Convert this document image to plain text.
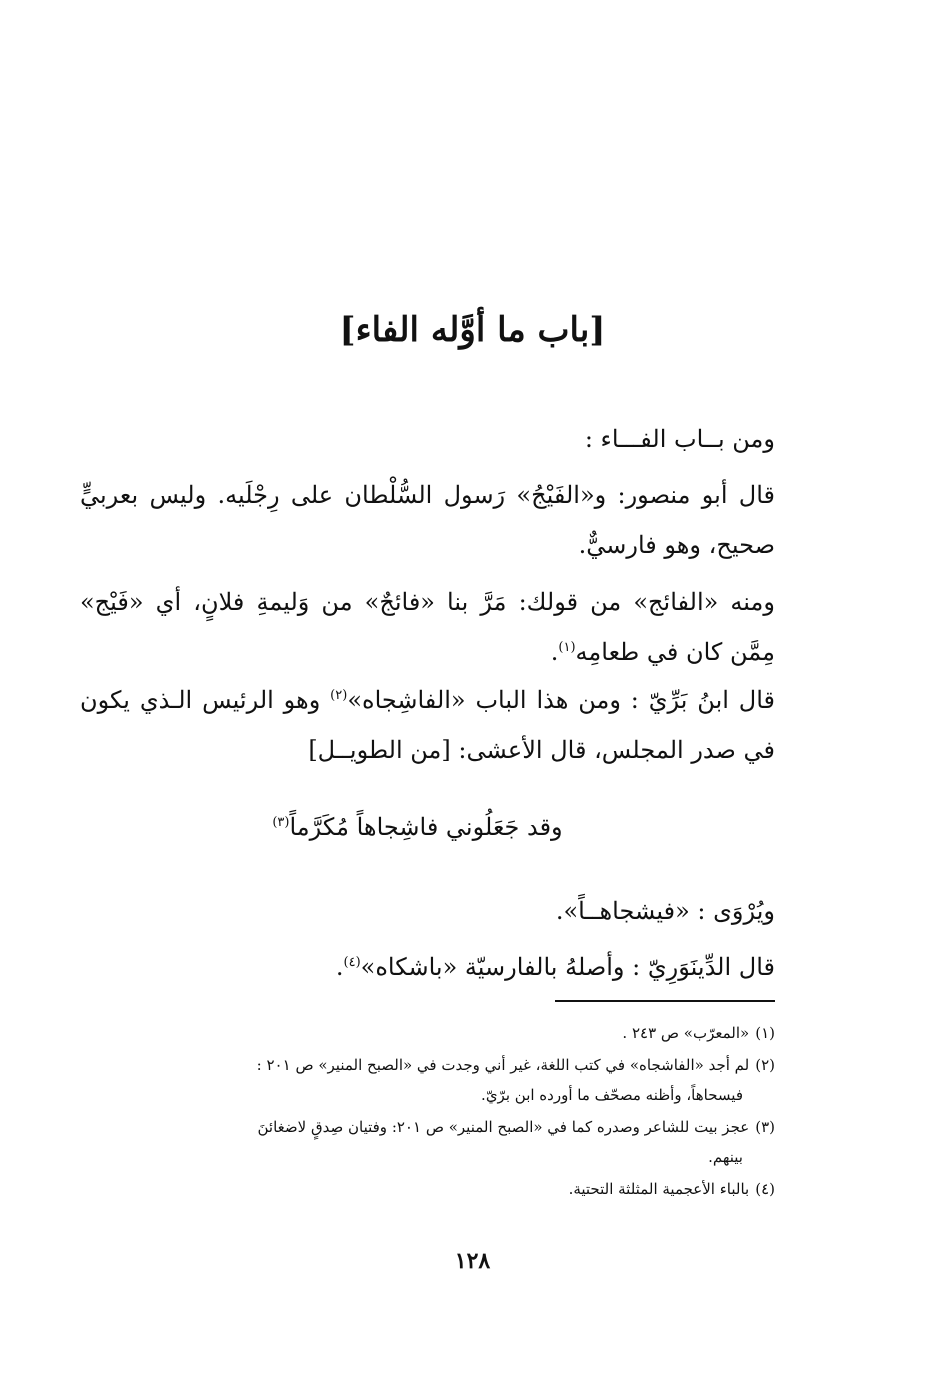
[باب ما أوَّله الفاء]

ومن بــاب الفـــاء :

قال أبو منصور: و«الفَيْجُ» رَسول السُّلْطان على رِجْلَيه. وليس بعربيٍّ صحيح، وهو فارسيٌّ.

ومنه «الفائج» من قولك: مَرَّ بنا «فائجٌ» من وَليمةِ فلانٍ، أي «فَيْج» مِمَّن كان في طعامِه$^{(١)}$.

قال ابنُ بَرِّيّ : ومن هذا الباب «الفاشِجاه»$^{(٢)}$ وهو الرئيس الـذي يكون في صدر المجلس، قال الأعشى: [من الطويــل]

وقد جَعَلُوني فاشِجاهاً مُكَرَّماً$^{(٣)}$

ويُرْوَى : «فيشجاهــاً».

قال الدِّينَوَرِيّ : وأصلهُ بالفارسيّة «باشكاه»$^{(٤)}$.

(١)«المعرّب» ص ٢٤٣ .
(٢)لم أجد «الفاشجاه» في كتب اللغة، غير أني وجدت في «الصبح المنير» ص ٢٠١ :
فيسحاهاً، وأظنه مصحّف ما أورده ابن برّيّ.
(٣)عجز بيت للشاعر وصدره كما في «الصبح المنير» ص ٢٠١: وفتيان صِدقٍ لاضغائنَ
بينهم.
(٤)بالباء الأعجمية المثلثة التحتية.
١٢٨
